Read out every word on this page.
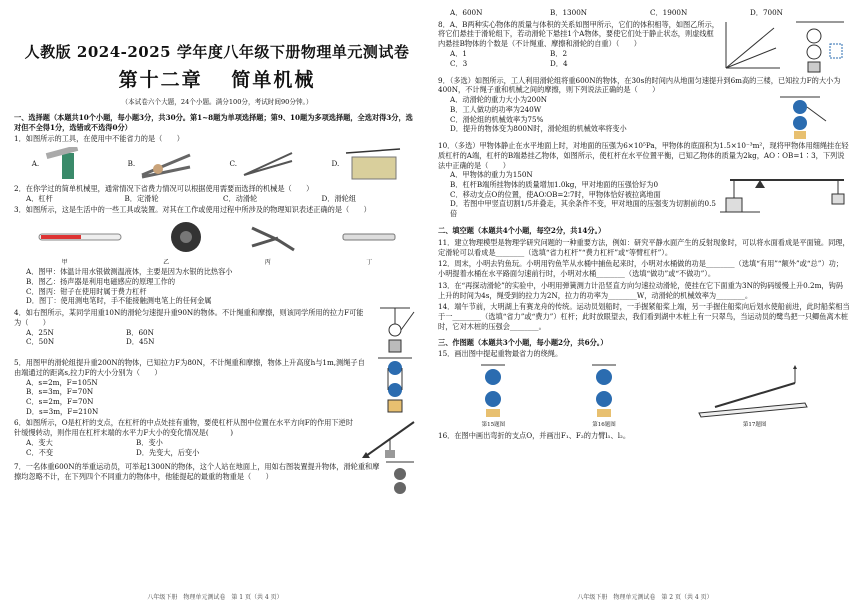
人教版 2024-2025 学年度八年级下册物理单元测试卷
第十二章 简单机械
（本试卷六个大题，24个小题。满分100分，考试时间90分钟。）
一、选择题（本题共10个小题，每小题3分，共30分。第1~8题为单项选择题；第9、10题为多项选择题，全选对得3分，选对但不全得1分，选错或不选得0分）
1．如图所示的工具，在使用中不能省力的是（　　）
A.	B.	C.	D.
2．在你学过的简单机械里，通常情况下省费力情况可以根据使用需要而选择的机械是（　　）
A．杠杆	B．定滑轮	C．动滑轮	D．滑轮组
3．如图所示，这是生活中的一些工具或装置。对其在工作或使用过程中所涉及的物理知识表述正确的是（　　）
甲	乙	丙	丁
A．图甲：体温计用水银做测温液体，主要是因为水银的比热容小
B．图乙：扬声器是利用电磁感应的原理工作的
C．图丙：钳子在使用时属于费力杠杆
D．图丁：使用测电笔时，手不能接触测电笔上的任何金属
4．如右图所示，某同学用重10N的滑轮匀速提升重90N的物体。不计绳重和摩擦，则该同学所用的拉力F可能为（　　）
A．25N	B．60N
C．50N	D．45N
5．用图甲的滑轮组提升重200N的物体，已知拉力F为80N，不计绳重和摩擦，物体上升高度h与1m,测绳子自由端通过的距离s,拉力F的大小分别为（　　）
A．s=2m，F=105N
B．s=3m，F=70N
C．s=2m，F=70N
D．s=3m，F=210N
6．如图所示，O是杠杆的支点，在杠杆的中点处挂有重物，要使杠杆从图中位置在水平方向F的作用下逆时针缓慢转动，则作用在杠杆末端的水平力F大小的变化情况是(　　　)
A．变大	B．变小
C．不变	D．先变大，后变小
7．一名体重600N的举重运动员，可举起1300N的物体，这个人站在地面上，用如右图装置提升物体，滑轮重和摩擦均忽略不计，在下列四个不同重力的物体中，他能提起的最重的物重是（　　）
八年级下册　物理单元测试卷　第 1 页（共 4 页）
A．600N	B．1300N	C．1900N	D．700N
8．A、B两种实心物体的质量与体积的关系如图甲所示，它们的体积相等，如图乙所示，将它们悬挂于滑轮组下，若动滑轮下悬挂1个A物体，要使它们处于静止状态，则虚线框内悬挂B物体的个数是（不计绳重、摩擦和滑轮的自重）（　　）
A．1	B．2
C．3	D．4
9．（多选）如图所示，工人利用滑轮组将重600N的物体，在30s的时间内从地面匀速提升到6m高的三楼，已知拉力F的大小为400N，不计绳子重和机械之间的摩擦，则下列说法正确的是（　　）
A．动滑轮的重力大小为200N
B．工人做功的功率为240W
C．滑轮组的机械效率为75%
D．提升的物体变为800N时，滑轮组的机械效率将变小
10．（多选）甲物体静止在水平地面上时，对地面的压强为6×10⁵Pa，甲物体的底面积为1.5×10⁻³m²，现将甲物体用细绳挂在轻质杠杆的A端，杠杆的B端悬挂乙物体，如图所示，使杠杆在水平位置平衡，已知乙物体的质量为2kg，AO∶OB=1∶3，下列说法中正确的是（　　）
A．甲物体的重力为150N
B．杠杆B端所挂物体的质量增加1.0kg，甲对地面的压强恰好为0
C．移动支点O的位置，使AO∶OB=2∶7时，甲物体恰好被拉离地面
D．若图中甲竖直切割1/5并叠走，其余条件不变，甲对地面的压强变为切割前的0.5倍
二、填空题（本题共4个小题，每空2分，共14分。）
11．建立物理模型是物理学研究问题的一种重要方法，例如：研究平静水面产生的反射现象时，可以将水面看成是平面镜。同理，定滑轮可以看成是________（选填“省力杠杆”“费力杠杆”或“等臂杠杆”）。
12．周末，小明去钓鱼玩。小明用钓鱼竿从水桶中捕鱼起来时，小明对水桶做的功是________（选填“有用”“额外”或“总”）功；小明提着水桶在水平路面匀速前行时，小明对水桶________（选填“做功”或“不做功”）。
13．在“再探动滑轮”的实验中，小明用弹簧测力计沿竖直方向匀速拉动滑轮，使挂在它下面重为3N的钩码缓慢上升0.2m，钩码上升的时间为4s，绳受到的拉力为2N，拉力的功率为________W，动滑轮的机械效率为________。
14．端午节前，大明湖上有赛龙舟的传统。运动员划船时，一手握紧船桨上端，另一手握住船桨向后划水使船前进，此时船桨相当于一________（选填“省力”或“费力”）杠杆；此时放眼望去，我们看到湖中木桩上有一只翠鸟，当运动员的鹭鸟把一只鲫鱼离木桩时，它对木桩的压强会________。
三、作图题（本题共3个小题，每小题2分，共6分。）
15．画出图中提起重物最省力的绕绳。
第15题图	第16题图	第17题图
16．在图中画出弯折的支点O，并画出F₁、F₂的力臂l₁、l₂。
八年级下册　物理单元测试卷　第 2 页（共 4 页）
